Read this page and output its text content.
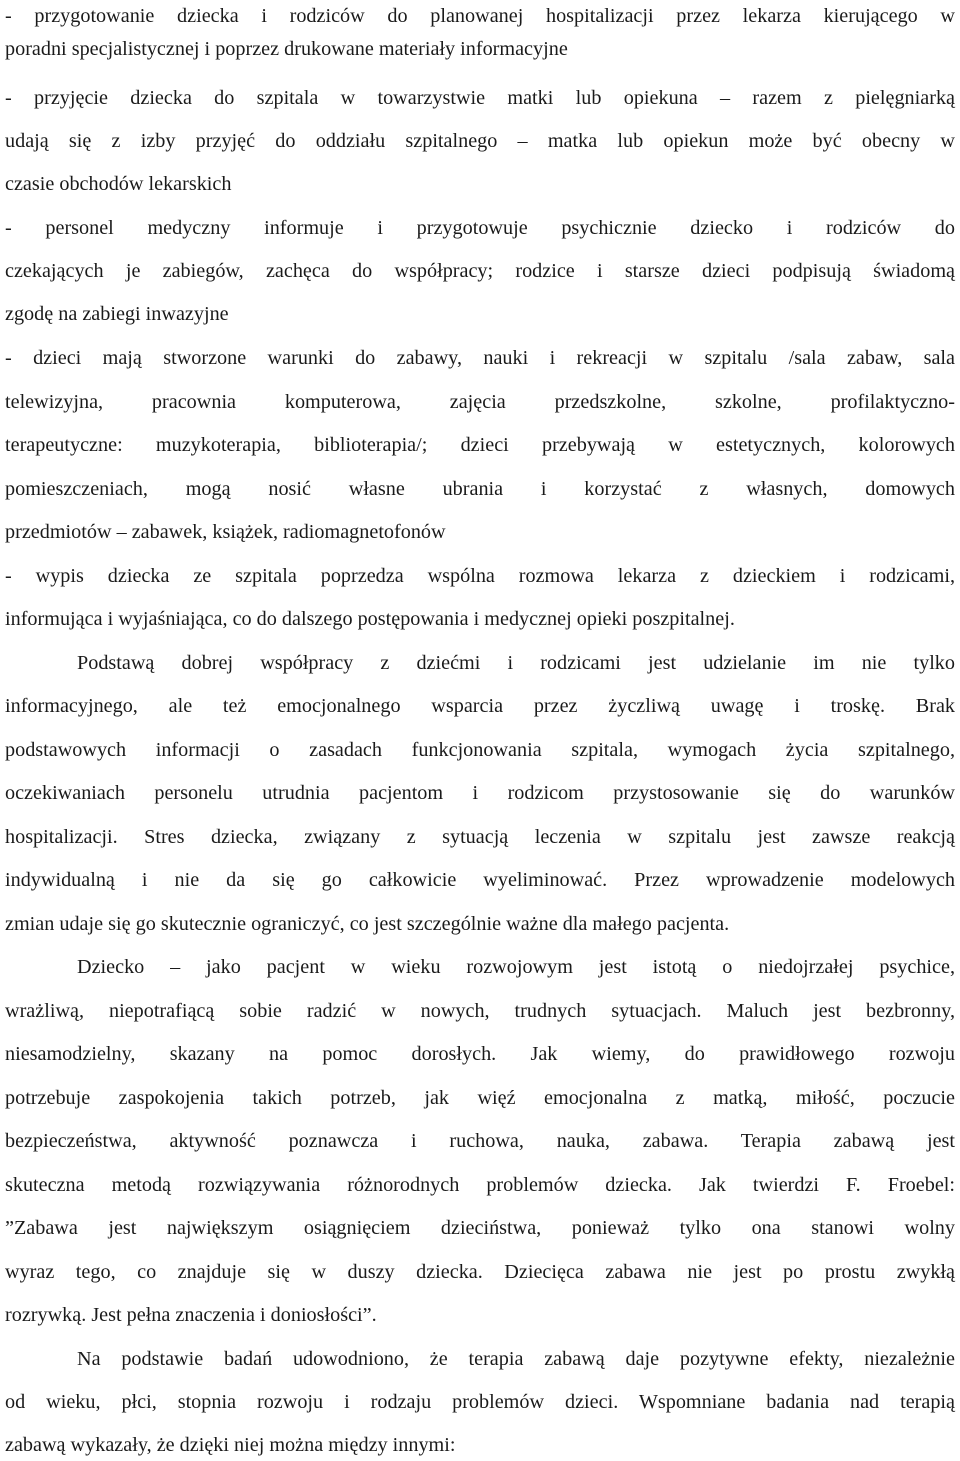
- przygotowanie dziecka i rodziców do planowanej hospitalizacji przez lekarza kierującego w
poradni specjalistycznej i poprzez drukowane materiały informacyjne
- przyjęcie dziecka do szpitala w towarzystwie matki lub opiekuna – razem z pielęgniarką
udają się z izby przyjęć do oddziału szpitalnego – matka lub opiekun może być obecny w
czasie obchodów lekarskich
- personel medyczny informuje i przygotowuje psychicznie dziecko i rodziców do
czekających je zabiegów, zachęca do współpracy; rodzice i starsze dzieci podpisują świadomą
zgodę na zabiegi inwazyjne
- dzieci mają stworzone warunki do zabawy, nauki i rekreacji w szpitalu /sala zabaw, sala
telewizyjna, pracownia komputerowa, zajęcia przedszkolne, szkolne, profilaktyczno-
terapeutyczne: muzykoterapia, biblioterapia/; dzieci przebywają w estetycznych, kolorowych
pomieszczeniach, mogą nosić własne ubrania i korzystać z własnych, domowych
przedmiotów – zabawek, książek, radiomagnetofonów
- wypis dziecka ze szpitala poprzedza wspólna rozmowa lekarza z dzieckiem i rodzicami,
informująca i wyjaśniająca, co do dalszego postępowania i medycznej opieki poszpitalnej.
Podstawą dobrej współpracy z dziećmi i rodzicami jest udzielanie im nie tylko
informacyjnego, ale też emocjonalnego wsparcia przez życzliwą uwagę i troskę. Brak
podstawowych informacji o zasadach funkcjonowania szpitala, wymogach życia szpitalnego,
oczekiwaniach personelu utrudnia pacjentom i rodzicom przystosowanie się do warunków
hospitalizacji. Stres dziecka, związany z sytuacją leczenia w szpitalu jest zawsze reakcją
indywidualną i nie da się go całkowicie wyeliminować. Przez wprowadzenie modelowych
zmian udaje się go skutecznie ograniczyć, co jest szczególnie ważne dla małego pacjenta.
Dziecko – jako pacjent w wieku rozwojowym jest istotą o niedojrzałej psychice,
wrażliwą, niepotrafiącą sobie radzić w nowych, trudnych sytuacjach. Maluch jest bezbronny,
niesamodzielny, skazany na pomoc dorosłych. Jak wiemy, do prawidłowego rozwoju
potrzebuje zaspokojenia takich potrzeb, jak więź emocjonalna z matką, miłość, poczucie
bezpieczeństwa, aktywność poznawcza i ruchowa, nauka, zabawa. Terapia zabawą jest
skuteczna metodą rozwiązywania różnorodnych problemów dziecka. Jak twierdzi F. Froebel:
”Zabawa jest największym osiągnięciem dzieciństwa, ponieważ tylko ona stanowi wolny
wyraz tego, co znajduje się w duszy dziecka. Dziecięca zabawa nie jest po prostu zwykłą
rozrywką. Jest pełna znaczenia i doniosłości”.
Na podstawie badań udowodniono, że terapia zabawą daje pozytywne efekty, niezależnie
od wieku, płci, stopnia rozwoju i rodzaju problemów dzieci. Wspomniane badania nad terapią
zabawą wykazały, że dzięki niej można między innymi:
